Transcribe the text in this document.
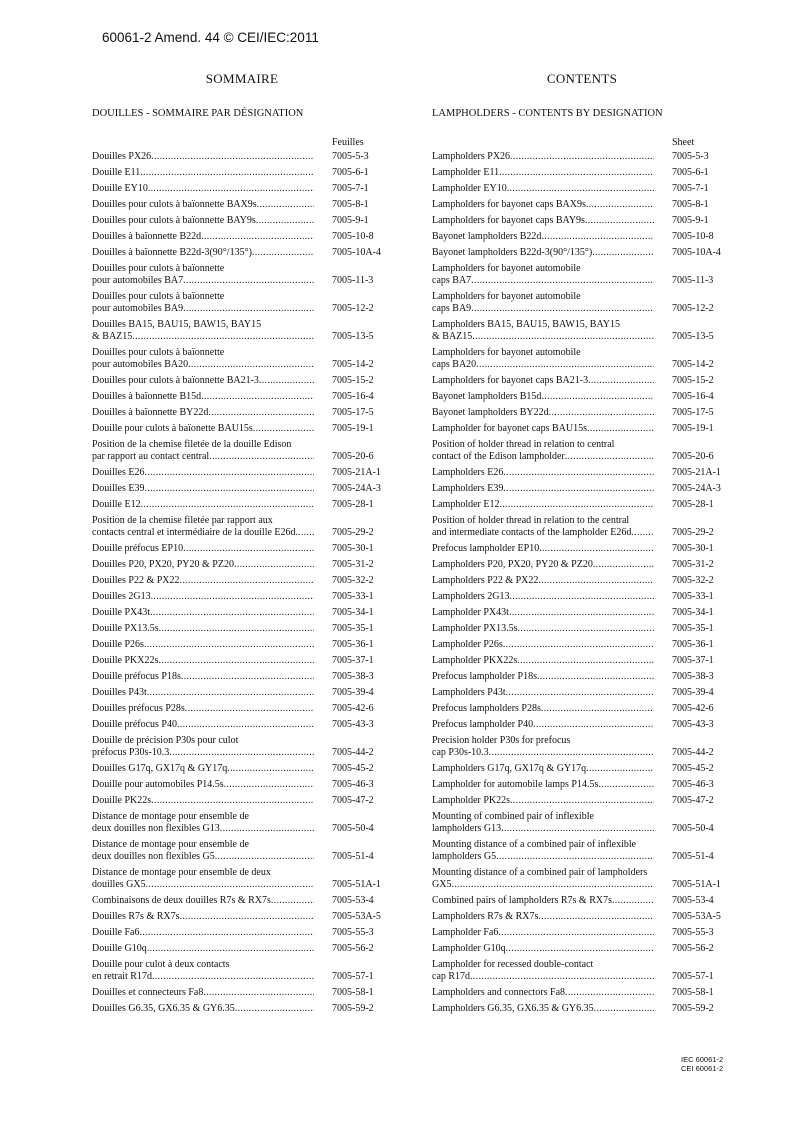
60061-2 Amend. 44 © CEI/IEC:2011
SOMMAIRE
DOUILLES - SOMMAIRE PAR DÉSIGNATION
Feuilles
Douilles PX26 .....	7005-5-3
Douille E11 .....	7005-6-1
Douille EY10 .....	7005-7-1
Douilles pour culots à baïonnette BAX9s .....	7005-8-1
Douilles pour culots à baïonnette BAY9s .....	7005-9-1
Douilles à baïonnette B22d .....	7005-10-8
Douilles à baïonnette B22d-3(90°/135°) .....	7005-10A-4
Douilles pour culots à baïonnette
pour automobiles BA7 .....	7005-11-3
Douilles pour culots à baïonnette
pour automobiles BA9 .....	7005-12-2
Douilles BA15, BAU15, BAW15, BAY15
& BAZ15 .....	7005-13-5
Douilles pour culots à baïonnette
pour automobiles BA20 .....	7005-14-2
Douilles pour culots à baïonnette BA21-3 .....	7005-15-2
Douilles à baïonnette B15d .....	7005-16-4
Douilles à baïonnette BY22d .....	7005-17-5
Douille pour culots à baïonette BAU15s .....	7005-19-1
Position de la chemise filetée de la douille Edison
par rapport au contact central .....	7005-20-6
Douilles E26 .....	7005-21A-1
Douilles E39 .....	7005-24A-3
Douille E12 .....	7005-28-1
Position de la chemise filetée par rapport aux
contacts central et intermédiaire de la douille E26d. .....	7005-29-2
Douille préfocus EP10 .....	7005-30-1
Douilles P20, PX20, PY20 & PZ20 .....	7005-31-2
Douilles P22 & PX22 .....	7005-32-2
Douilles 2G13 .....	7005-33-1
Douille PX43t .....	7005-34-1
Douille PX13.5s .....	7005-35-1
Douille P26s .....	7005-36-1
Douille PKX22s .....	7005-37-1
Douille préfocus P18s .....	7005-38-3
Douilles P43t .....	7005-39-4
Douilles préfocus P28s .....	7005-42-6
Douille préfocus P40 .....	7005-43-3
Douille de précision P30s pour culot
préfocus P30s-10.3 .....	7005-44-2
Douilles G17q, GX17q & GY17q .....	7005-45-2
Douille pour automobiles P14.5s .....	7005-46-3
Douille PK22s .....	7005-47-2
Distance de montage pour ensemble de
deux douilles non flexibles G13 .....	7005-50-4
Distance de montage pour ensemble de
deux douilles non flexibles G5 .....	7005-51-4
Distance de montage pour ensemble de deux
douilles GX5 .....	7005-51A-1
Combinaisons de deux douilles R7s & RX7s .....	7005-53-4
Douilles R7s & RX7s .....	7005-53A-5
Douille Fa6 .....	7005-55-3
Douille G10q .....	7005-56-2
Douille pour culot à deux contacts
en retrait R17d .....	7005-57-1
Douilles et connecteurs Fa8 .....	7005-58-1
Douilles G6.35, GX6.35 & GY6.35 .....	7005-59-2
CONTENTS
LAMPHOLDERS - CONTENTS BY DESIGNATION
Sheet
Lampholders PX26 .....	7005-5-3
Lampholder E11 .....	7005-6-1
Lampholder EY10 .....	7005-7-1
Lampholders for bayonet caps BAX9s .....	7005-8-1
Lampholders for bayonet caps BAY9s .....	7005-9-1
Bayonet lampholders B22d .....	7005-10-8
Bayonet lampholders B22d-3(90°/135°) .....	7005-10A-4
Lampholders for bayonet automobile
caps BA7 .....	7005-11-3
Lampholders for bayonet automobile
caps BA9 .....	7005-12-2
Lampholders BA15, BAU15, BAW15, BAY15
& BAZ15 .....	7005-13-5
Lampholders for bayonet automobile
caps BA20 .....	7005-14-2
Lampholders for bayonet caps BA21-3 .....	7005-15-2
Bayonet lampholders B15d .....	7005-16-4
Bayonet lampholders BY22d .....	7005-17-5
Lampholder for bayonet caps BAU15s .....	7005-19-1
Position of holder thread in relation to central
contact of the Edison lampholder .....	7005-20-6
Lampholders E26 .....	7005-21A-1
Lampholders E39 .....	7005-24A-3
Lampholder E12 .....	7005-28-1
Position of holder thread in relation to the central
and intermediate contacts of the lampholder E26d .....	7005-29-2
Prefocus lampholder EP10 .....	7005-30-1
Lampholders P20, PX20, PY20 & PZ20 .....	7005-31-2
Lampholders P22 & PX22 .....	7005-32-2
Lampholders 2G13 .....	7005-33-1
Lampholder PX43t .....	7005-34-1
Lampholder PX13.5s .....	7005-35-1
Lampholder P26s .....	7005-36-1
Lampholder PKX22s .....	7005-37-1
Prefocus lampholder P18s .....	7005-38-3
Lampholders P43t .....	7005-39-4
Prefocus lampholders P28s .....	7005-42-6
Prefocus lampholder P40 .....	7005-43-3
Precision holder P30s for prefocus
cap P30s-10.3 .....	7005-44-2
Lampholders G17q, GX17q & GY17q .....	7005-45-2
Lampholder for automobile lamps P14.5s .....	7005-46-3
Lampholder PK22s .....	7005-47-2
Mounting of combined pair of inflexible
lampholders G13 .....	7005-50-4
Mounting distance of a combined pair of inflexible
lampholders G5 .....	7005-51-4
Mounting distance of a combined pair of lampholders
GX5 .....	7005-51A-1
Combined pairs of lampholders R7s & RX7s .....	7005-53-4
Lampholders R7s & RX7s .....	7005-53A-5
Lampholder Fa6 .....	7005-55-3
Lampholder G10q .....	7005-56-2
Lampholder for recessed double-contact
cap R17d .....	7005-57-1
Lampholders and connectors Fa8 .....	7005-58-1
Lampholders G6.35, GX6.35 & GY6.35 .....	7005-59-2
IEC 60061-2
CEI 60061-2
